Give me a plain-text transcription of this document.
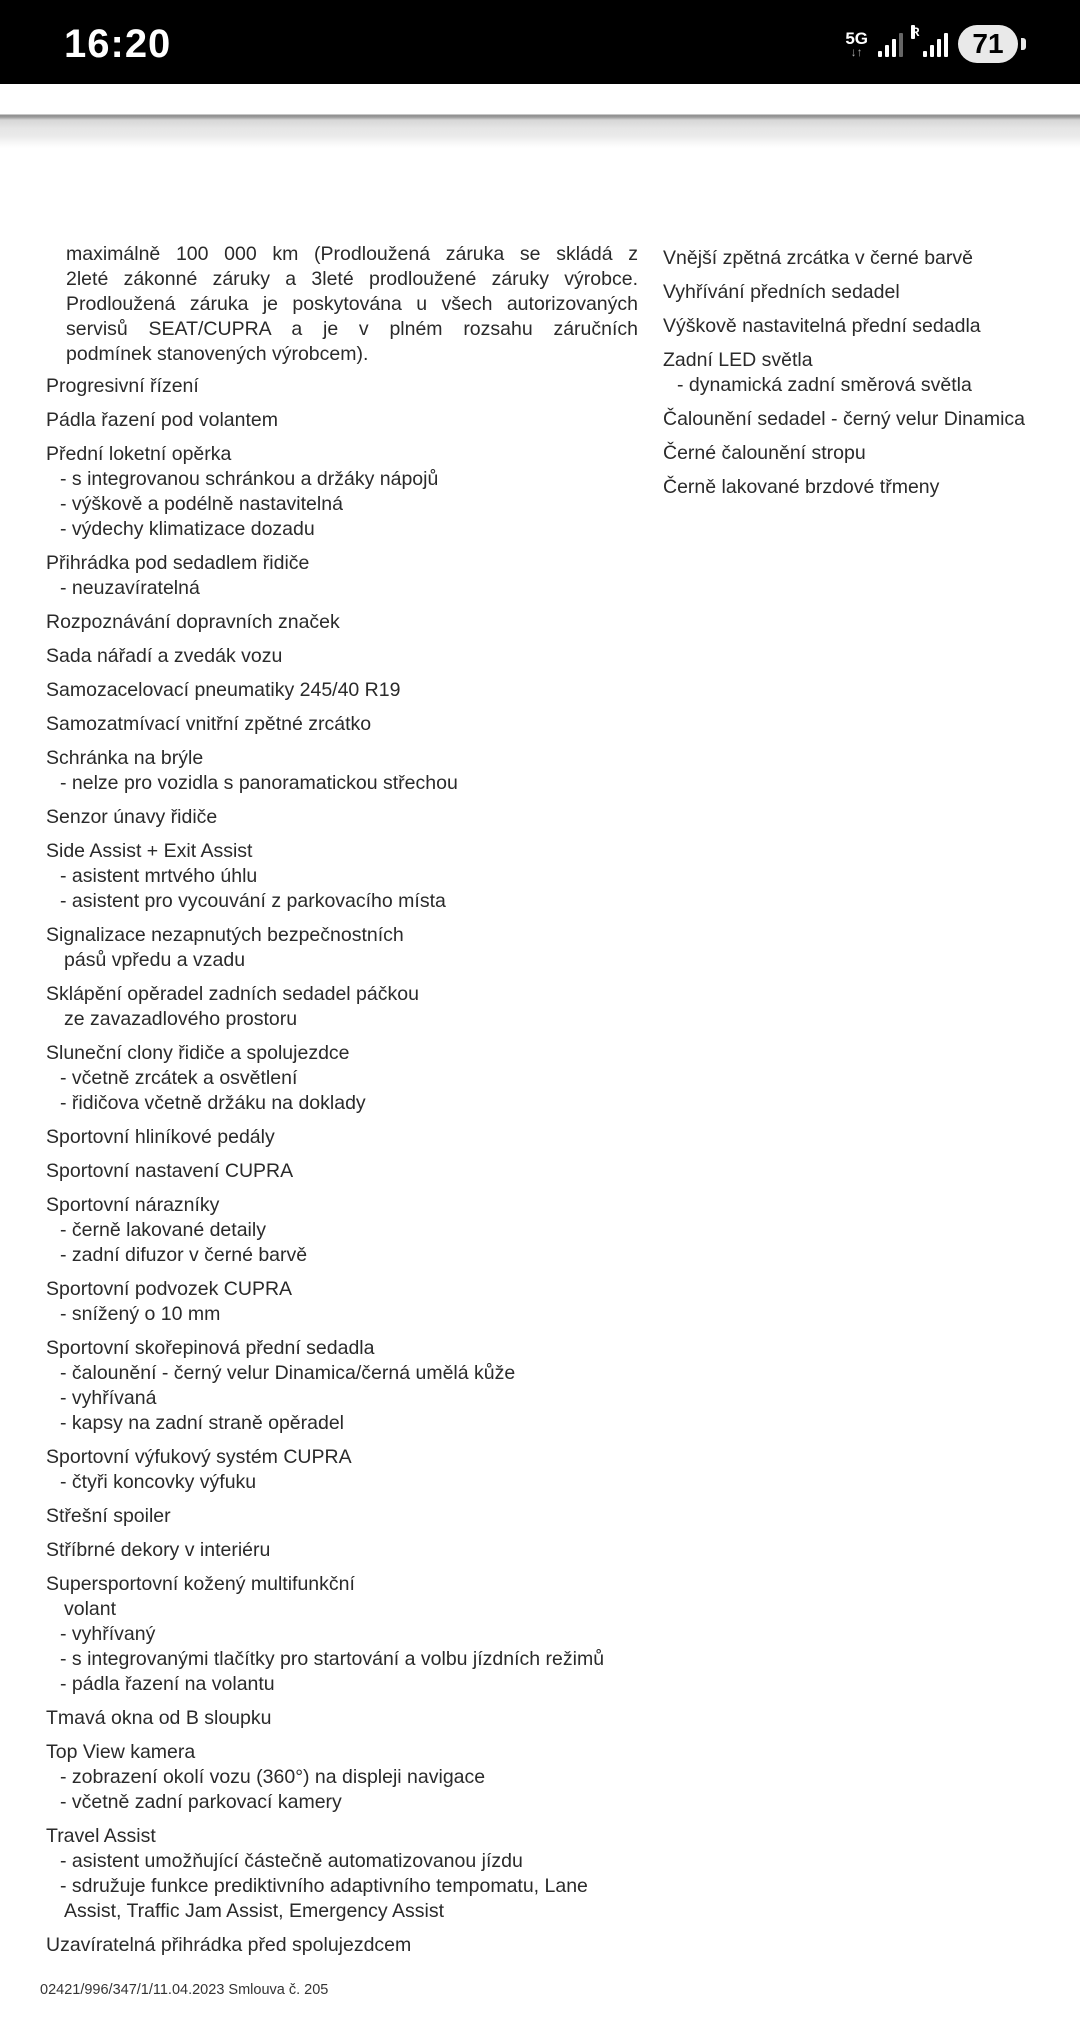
16:20	5G
↓↑
R	71
maximálně 100 000 km (Prodloužená záruka se skládá z
2leté zákonné záruky a 3leté prodloužené záruky výrobce.
Prodloužená záruka je poskytována u všech autorizovaných
servisů SEAT/CUPRA a je v plném rozsahu záručních
podmínek stanovených výrobcem).
Progresivní řízení
Pádla řazení pod volantem
Přední loketní opěrka
- s integrovanou schránkou a držáky nápojů
- výškově a podélně nastavitelná
- výdechy klimatizace dozadu
Přihrádka pod sedadlem řidiče
- neuzavíratelná
Rozpoznávání dopravních značek
Sada nářadí a zvedák vozu
Samozacelovací pneumatiky 245/40 R19
Samozatmívací vnitřní zpětné zrcátko
Schránka na brýle
- nelze pro vozidla s panoramatickou střechou
Senzor únavy řidiče
Side Assist + Exit Assist
- asistent mrtvého úhlu
- asistent pro vycouvání z parkovacího místa
Signalizace nezapnutých bezpečnostních
pásů vpředu a vzadu
Sklápění opěradel zadních sedadel páčkou
ze zavazadlového prostoru
Sluneční clony řidiče a spolujezdce
- včetně zrcátek a osvětlení
- řidičova včetně držáku na doklady
Sportovní hliníkové pedály
Sportovní nastavení CUPRA
Sportovní nárazníky
- černě lakované detaily
- zadní difuzor v černé barvě
Sportovní podvozek CUPRA
- snížený o 10 mm
Sportovní skořepinová přední sedadla
- čalounění - černý velur Dinamica/černá umělá kůže
- vyhřívaná
- kapsy na zadní straně opěradel
Sportovní výfukový systém CUPRA
- čtyři koncovky výfuku
Střešní spoiler
Stříbrné dekory v interiéru
Supersportovní kožený multifunkční
volant
- vyhřívaný
- s integrovanými tlačítky pro startování a volbu jízdních režimů
- pádla řazení na volantu
Tmavá okna od B sloupku
Top View kamera
- zobrazení okolí vozu (360°) na displeji navigace
- včetně zadní parkovací kamery
Travel Assist
- asistent umožňující částečně automatizovanou jízdu
- sdružuje funkce prediktivního adaptivního tempomatu, Lane
Assist, Traffic Jam Assist, Emergency Assist
Uzavíratelná přihrádka před spolujezdcem
Vnější zpětná zrcátka v černé barvě
Vyhřívání předních sedadel
Výškově nastavitelná přední sedadla
Zadní LED světla
- dynamická zadní směrová světla
Čalounění sedadel - černý velur Dinamica
Černé čalounění stropu
Černě lakované brzdové třmeny
02421/996/347/1/11.04.2023 Smlouva č. 205
